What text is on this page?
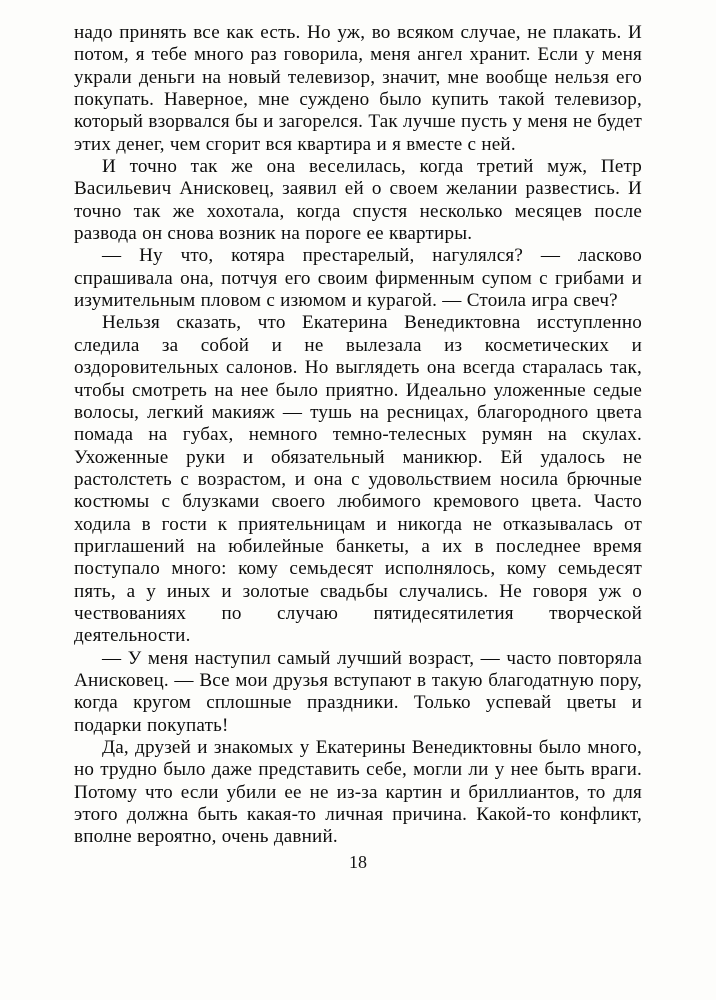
надо принять все как есть. Но уж, во всяком случае, не плакать. И потом, я тебе много раз говорила, меня ангел хранит. Если у меня украли деньги на новый телевизор, значит, мне вообще нельзя его покупать. Наверное, мне суждено было купить такой телевизор, который взорвался бы и загорелся. Так лучше пусть у меня не будет этих денег, чем сгорит вся квартира и я вместе с ней.

И точно так же она веселилась, когда третий муж, Петр Васильевич Анисковец, заявил ей о своем желании развестись. И точно так же хохотала, когда спустя несколько месяцев после развода он снова возник на пороге ее квартиры.

— Ну что, котяра престарелый, нагулялся? — ласково спрашивала она, потчуя его своим фирменным супом с грибами и изумительным пловом с изюмом и курагой. — Стоила игра свеч?

Нельзя сказать, что Екатерина Венедиктовна исступленно следила за собой и не вылезала из косметических и оздоровительных салонов. Но выглядеть она всегда старалась так, чтобы смотреть на нее было приятно. Идеально уложенные седые волосы, легкий макияж — тушь на ресницах, благородного цвета помада на губах, немного темно-телесных румян на скулах. Ухоженные руки и обязательный маникюр. Ей удалось не растолстеть с возрастом, и она с удовольствием носила брючные костюмы с блузками своего любимого кремового цвета. Часто ходила в гости к приятельницам и никогда не отказывалась от приглашений на юбилейные банкеты, а их в последнее время поступало много: кому семьдесят исполнялось, кому семьдесят пять, а у иных и золотые свадьбы случались. Не говоря уж о чествованиях по случаю пятидесятилетия творческой деятельности.

— У меня наступил самый лучший возраст, — часто повторяла Анисковец. — Все мои друзья вступают в такую благодатную пору, когда кругом сплошные праздники. Только успевай цветы и подарки покупать!

Да, друзей и знакомых у Екатерины Венедиктовны было много, но трудно было даже представить себе, могли ли у нее быть враги. Потому что если убили ее не из-за картин и бриллиантов, то для этого должна быть какая-то личная причина. Какой-то конфликт, вполне вероятно, очень давний.

18
